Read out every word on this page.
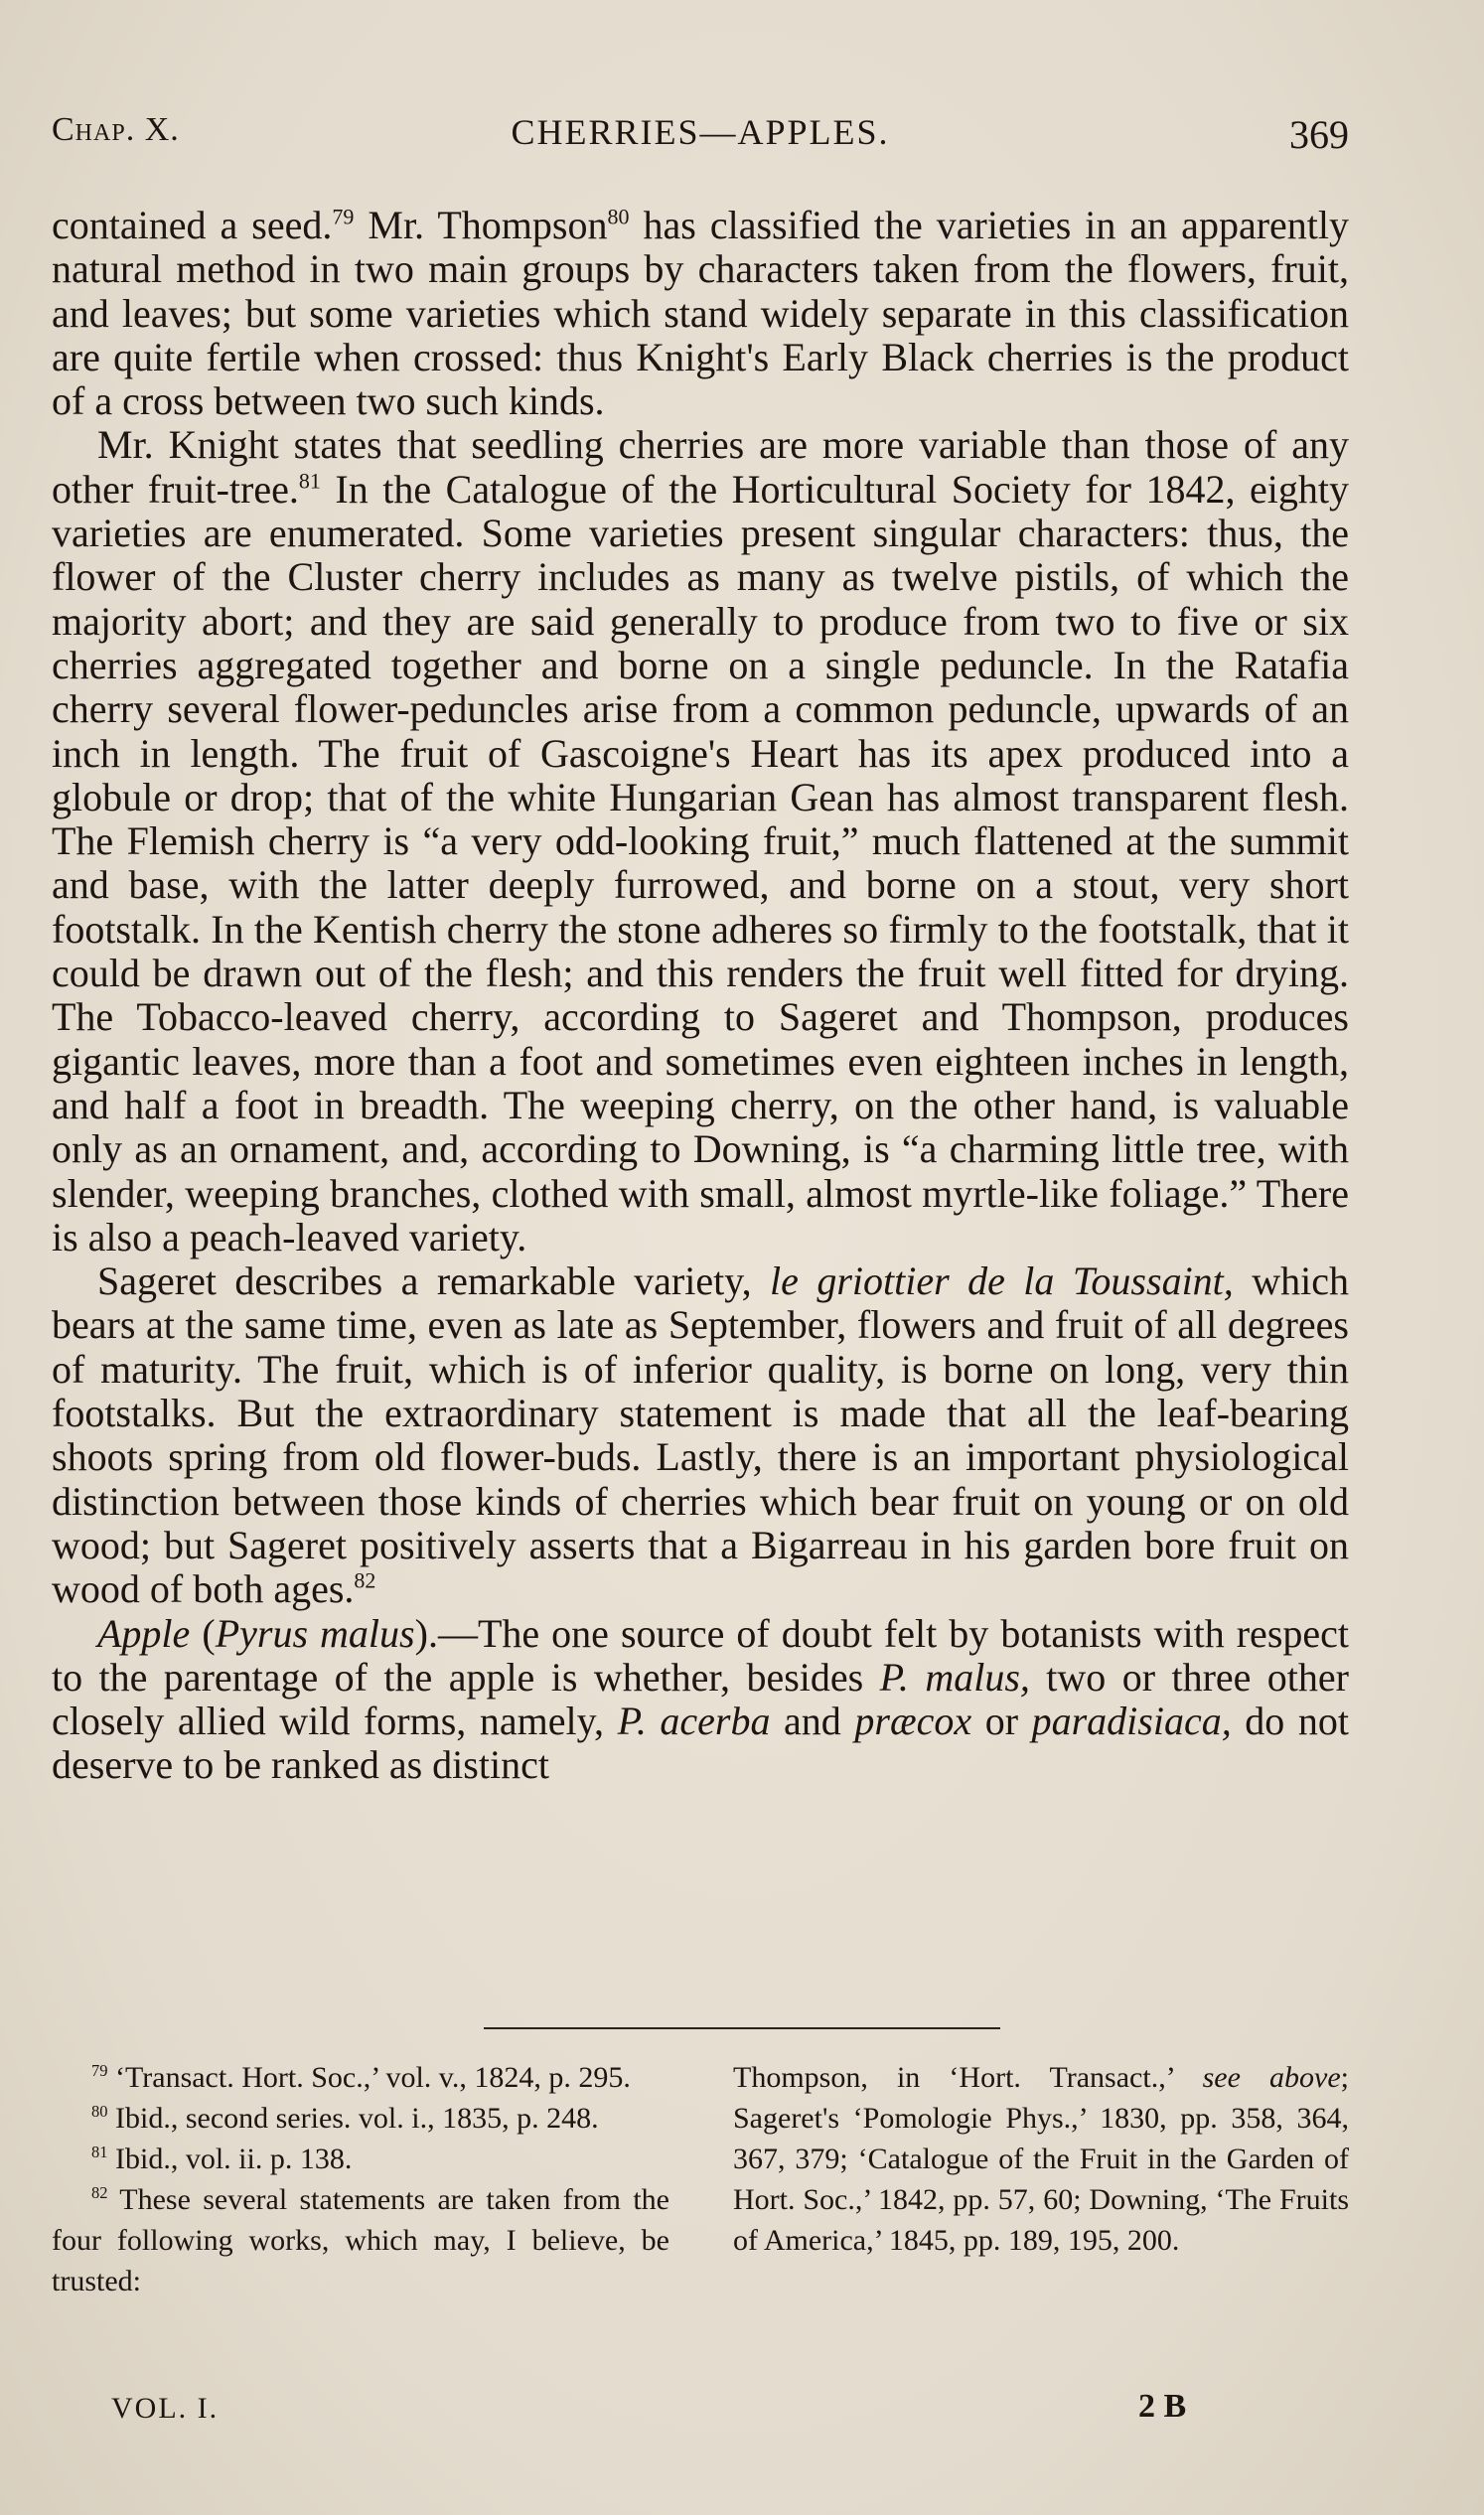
Chap. X.	CHERRIES—APPLES.	369

contained a seed.$^{79}$ Mr. Thompson$^{80}$ has classified the varieties in an apparently natural method in two main groups by characters taken from the flowers, fruit, and leaves; but some varieties which stand widely separate in this classification are quite fertile when crossed: thus Knight's Early Black cherries is the product of a cross between two such kinds.

Mr. Knight states that seedling cherries are more variable than those of any other fruit-tree.$^{81}$ In the Catalogue of the Horticultural Society for 1842, eighty varieties are enumerated. Some varieties present singular characters: thus, the flower of the Cluster cherry includes as many as twelve pistils, of which the majority abort; and they are said generally to produce from two to five or six cherries aggregated together and borne on a single peduncle. In the Ratafia cherry several flower-peduncles arise from a common peduncle, upwards of an inch in length. The fruit of Gascoigne's Heart has its apex produced into a globule or drop; that of the white Hungarian Gean has almost transparent flesh. The Flemish cherry is “a very odd-looking fruit,” much flattened at the summit and base, with the latter deeply furrowed, and borne on a stout, very short footstalk. In the Kentish cherry the stone adheres so firmly to the footstalk, that it could be drawn out of the flesh; and this renders the fruit well fitted for drying. The Tobacco-leaved cherry, according to Sageret and Thompson, produces gigantic leaves, more than a foot and sometimes even eighteen inches in length, and half a foot in breadth. The weeping cherry, on the other hand, is valuable only as an ornament, and, according to Downing, is “a charming little tree, with slender, weeping branches, clothed with small, almost myrtle-like foliage.” There is also a peach-leaved variety.

Sageret describes a remarkable variety, le griottier de la Toussaint, which bears at the same time, even as late as September, flowers and fruit of all degrees of maturity. The fruit, which is of inferior quality, is borne on long, very thin footstalks. But the extraordinary statement is made that all the leaf-bearing shoots spring from old flower-buds. Lastly, there is an important physiological distinction between those kinds of cherries which bear fruit on young or on old wood; but Sageret positively asserts that a Bigarreau in his garden bore fruit on wood of both ages.$^{82}$

Apple (Pyrus malus).—The one source of doubt felt by botanists with respect to the parentage of the apple is whether, besides P. malus, two or three other closely allied wild forms, namely, P. acerba and præcox or paradisiaca, do not deserve to be ranked as distinct

$^{79}$ ‘Transact. Hort. Soc.,’ vol. v., 1824, p. 295.

$^{80}$ Ibid., second series. vol. i., 1835, p. 248.

$^{81}$ Ibid., vol. ii. p. 138.

$^{82}$ These several statements are taken from the four following works, which may, I believe, be trusted:

Thompson, in ‘Hort. Transact.,’ see above; Sageret's ‘Pomologie Phys.,’ 1830, pp. 358, 364, 367, 379; ‘Catalogue of the Fruit in the Garden of Hort. Soc.,’ 1842, pp. 57, 60; Downing, ‘The Fruits of America,’ 1845, pp. 189, 195, 200.

VOL. I.	2 B
